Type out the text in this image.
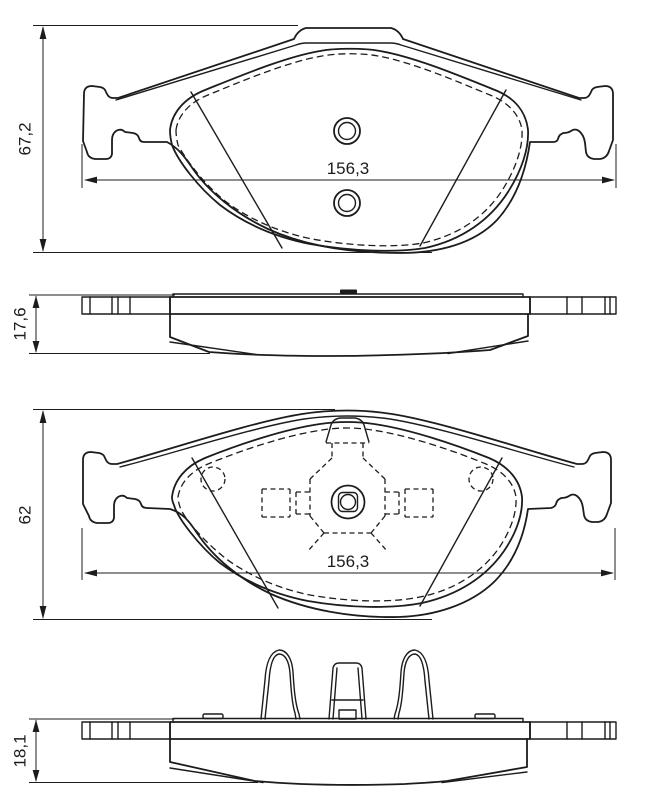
67,2
156,3
17,6
62
156,3
18,1
